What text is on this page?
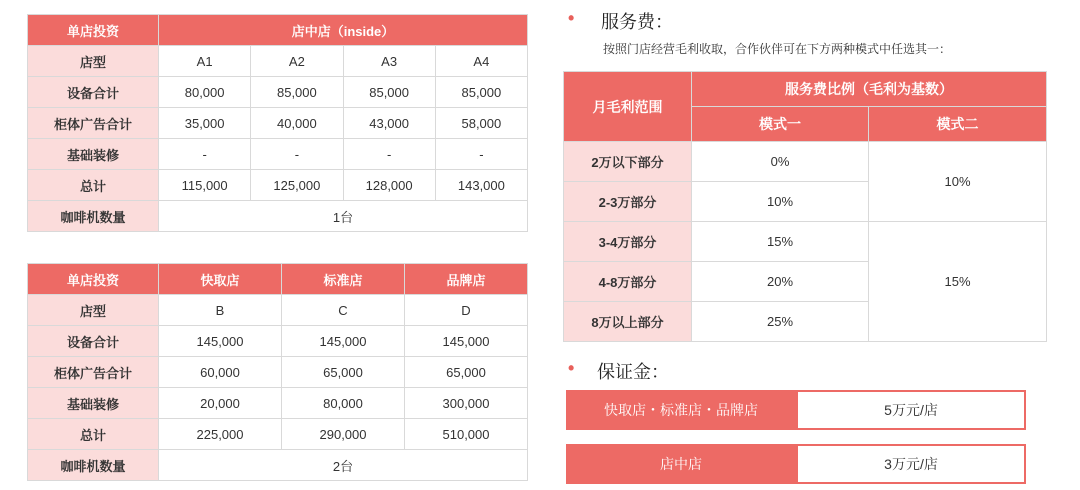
单店投资	店中店（inside）			
店型	A1	A2	A3	A4
设备合计	80,000	85,000	85,000	85,000
柜体广告合计	35,000	40,000	43,000	58,000
基础装修	-	-	-	-
总计	115,000	125,000	128,000	143,000
咖啡机数量	1台			
单店投资	快取店	标准店	品牌店
店型	B	C	D
设备合计	145,000	145,000	145,000
柜体广告合计	60,000	65,000	65,000
基础装修	20,000	80,000	300,000
总计	225,000	290,000	510,000
咖啡机数量	2台		
• 服务费：
按照门店经营毛利收取，合作伙伴可在下方两种模式中任选其一：
月毛利范围	服务费比例（毛利为基数）	
	模式一	模式二
2万以下部分	0%	10%
2-3万部分	10%	
3-4万部分	15%	15%
4-8万部分	20%	
8万以上部分	25%	
• 保证金：
快取店・标准店・品牌店	5万元/店
店中店	3万元/店
